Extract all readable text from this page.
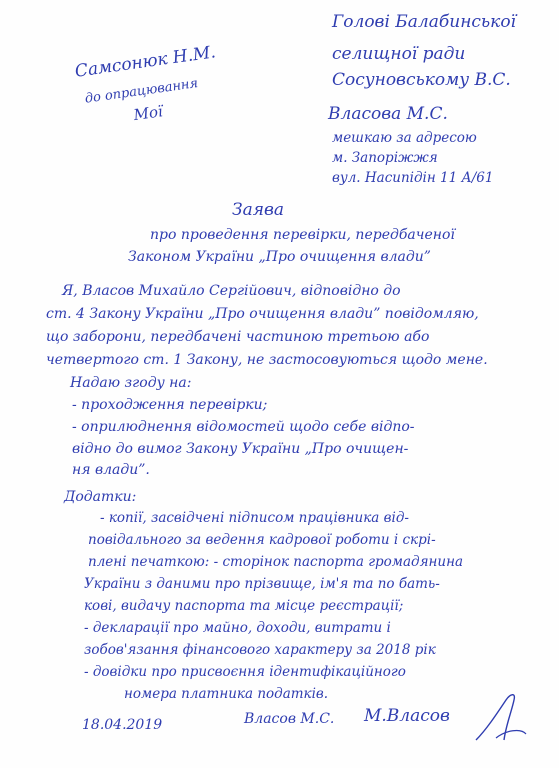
Самсонюк Н.М.
до опрацювання
Мої
Голові Балабинської
селищної ради
Сосуновському В.С.
Власова М.С.
мешкаю за адресою
м. Запоріжжя
вул. Насипідін 11 А/61
Заява
про проведення перевірки, передбаченої
Законом України „Про очищення влади”
Я, Власов Михайло Сергійович, відповідно до
ст. 4 Закону України „Про очищення влади” повідомляю,
що заборони, передбачені частиною третьою або
четвертого ст. 1 Закону, не застосовуються щодо мене.
Надаю згоду на:
- проходження перевірки;
- оприлюднення відомостей щодо себе відпо-
відно до вимог Закону України „Про очищен-
ня влади”.
Додатки:
- копії, засвідчені підписом працівника від-
повідального за ведення кадрової роботи і скрі-
плені печаткою: - сторінок паспорта громадянина
України з даними про прізвище, ім'я та по бать-
кові, видачу паспорта та місце реєстрації;
- декларації про майно, доходи, витрати і
зобов'язання фінансового характеру за 2018 рік
- довідки про присвоєння ідентифікаційного
номера платника податків.
18.04.2019	Власов М.С. М.Власов
